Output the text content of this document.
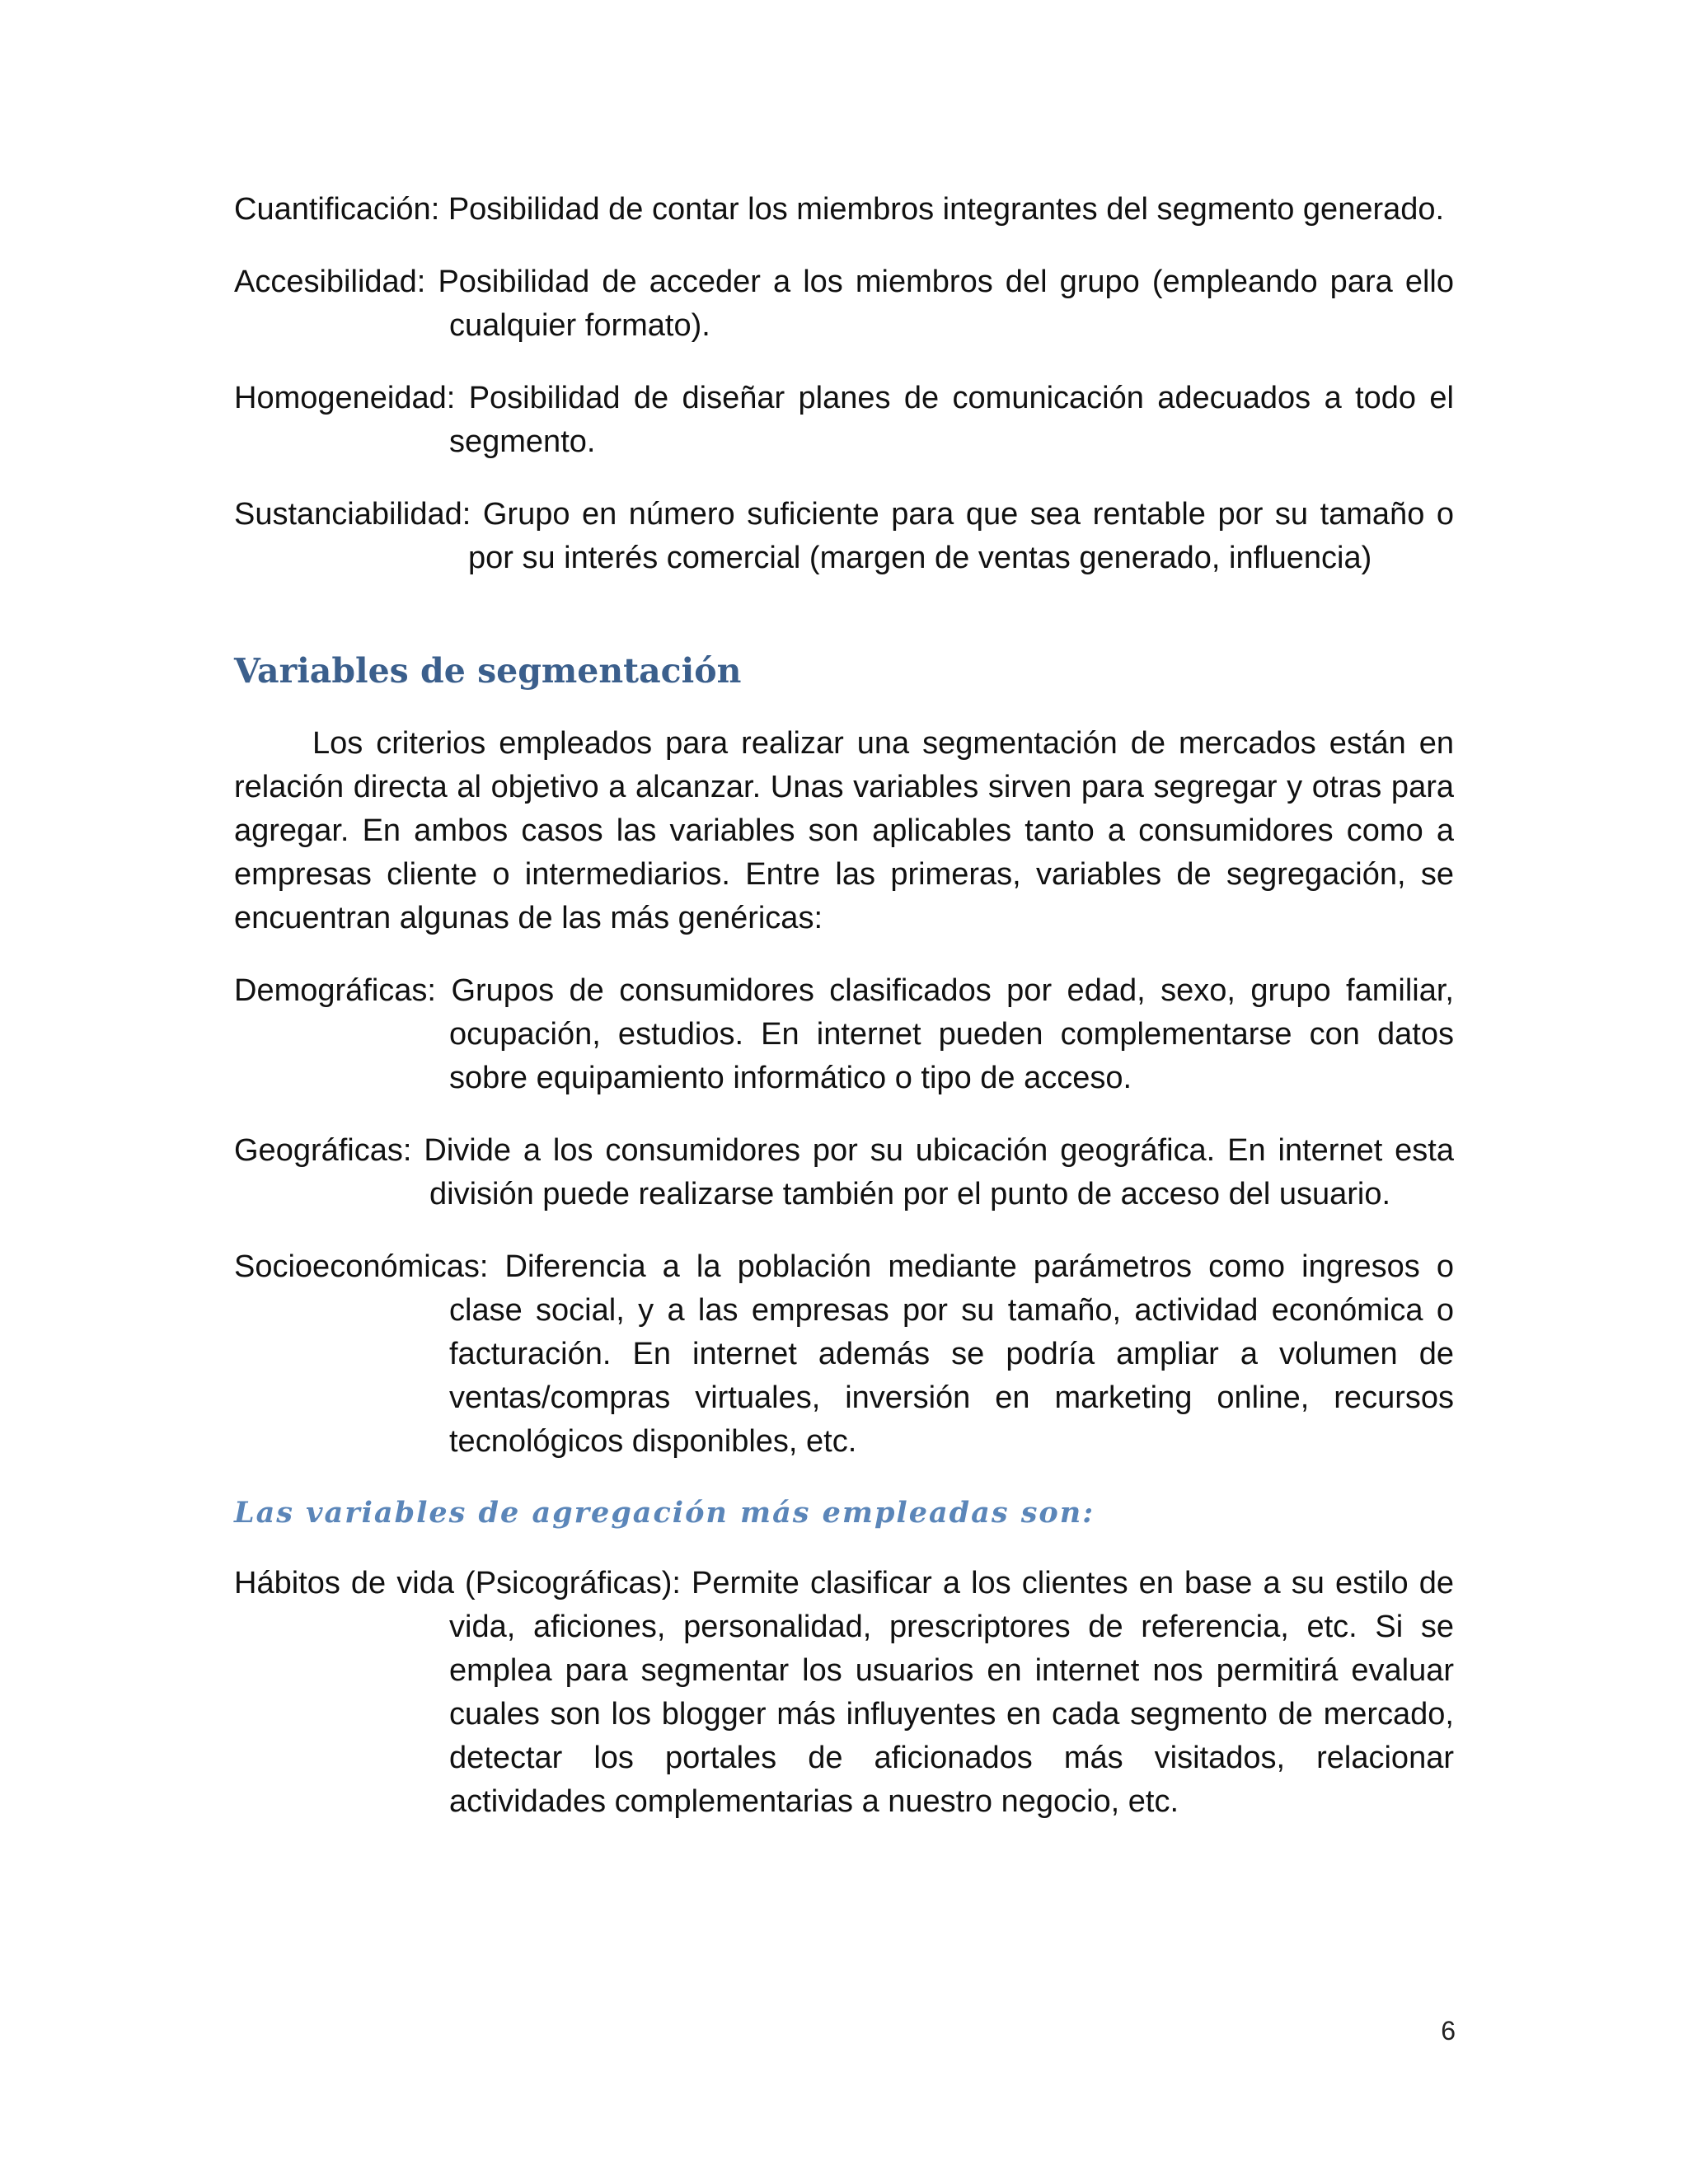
Cuantificación: Posibilidad de contar los miembros integrantes del segmento generado.

Accesibilidad: Posibilidad de acceder a los miembros del grupo (empleando para ello cualquier formato).

Homogeneidad: Posibilidad de diseñar planes de comunicación adecuados a todo el segmento.

Sustanciabilidad: Grupo en número suficiente para que sea rentable por su tamaño o por su interés comercial (margen de ventas generado, influencia)

Variables de segmentación

Los criterios empleados para realizar una segmentación de mercados están en relación directa al objetivo a alcanzar. Unas variables sirven para segregar y otras para agregar. En ambos casos las variables son aplicables tanto a consumidores como a empresas cliente o intermediarios. Entre las primeras, variables de segregación, se encuentran algunas de las más genéricas:

Demográficas: Grupos de consumidores clasificados por edad, sexo, grupo familiar, ocupación, estudios. En internet pueden complementarse con datos sobre equipamiento informático o tipo de acceso.

Geográficas: Divide a los consumidores por su ubicación geográfica. En internet esta división puede realizarse también por el punto de acceso del usuario.

Socioeconómicas: Diferencia a la población mediante parámetros como ingresos o clase social, y a las empresas por su tamaño, actividad económica o facturación. En internet además se podría ampliar a volumen de ventas/compras virtuales, inversión en marketing online, recursos tecnológicos disponibles, etc.

Las variables de agregación más empleadas son:

Hábitos de vida (Psicográficas): Permite clasificar a los clientes en base a su estilo de vida, aficiones, personalidad, prescriptores de referencia, etc. Si se emplea para segmentar los usuarios en internet nos permitirá evaluar cuales son los blogger más influyentes en cada segmento de mercado, detectar los portales de aficionados más visitados, relacionar actividades complementarias a nuestro negocio, etc.

6
